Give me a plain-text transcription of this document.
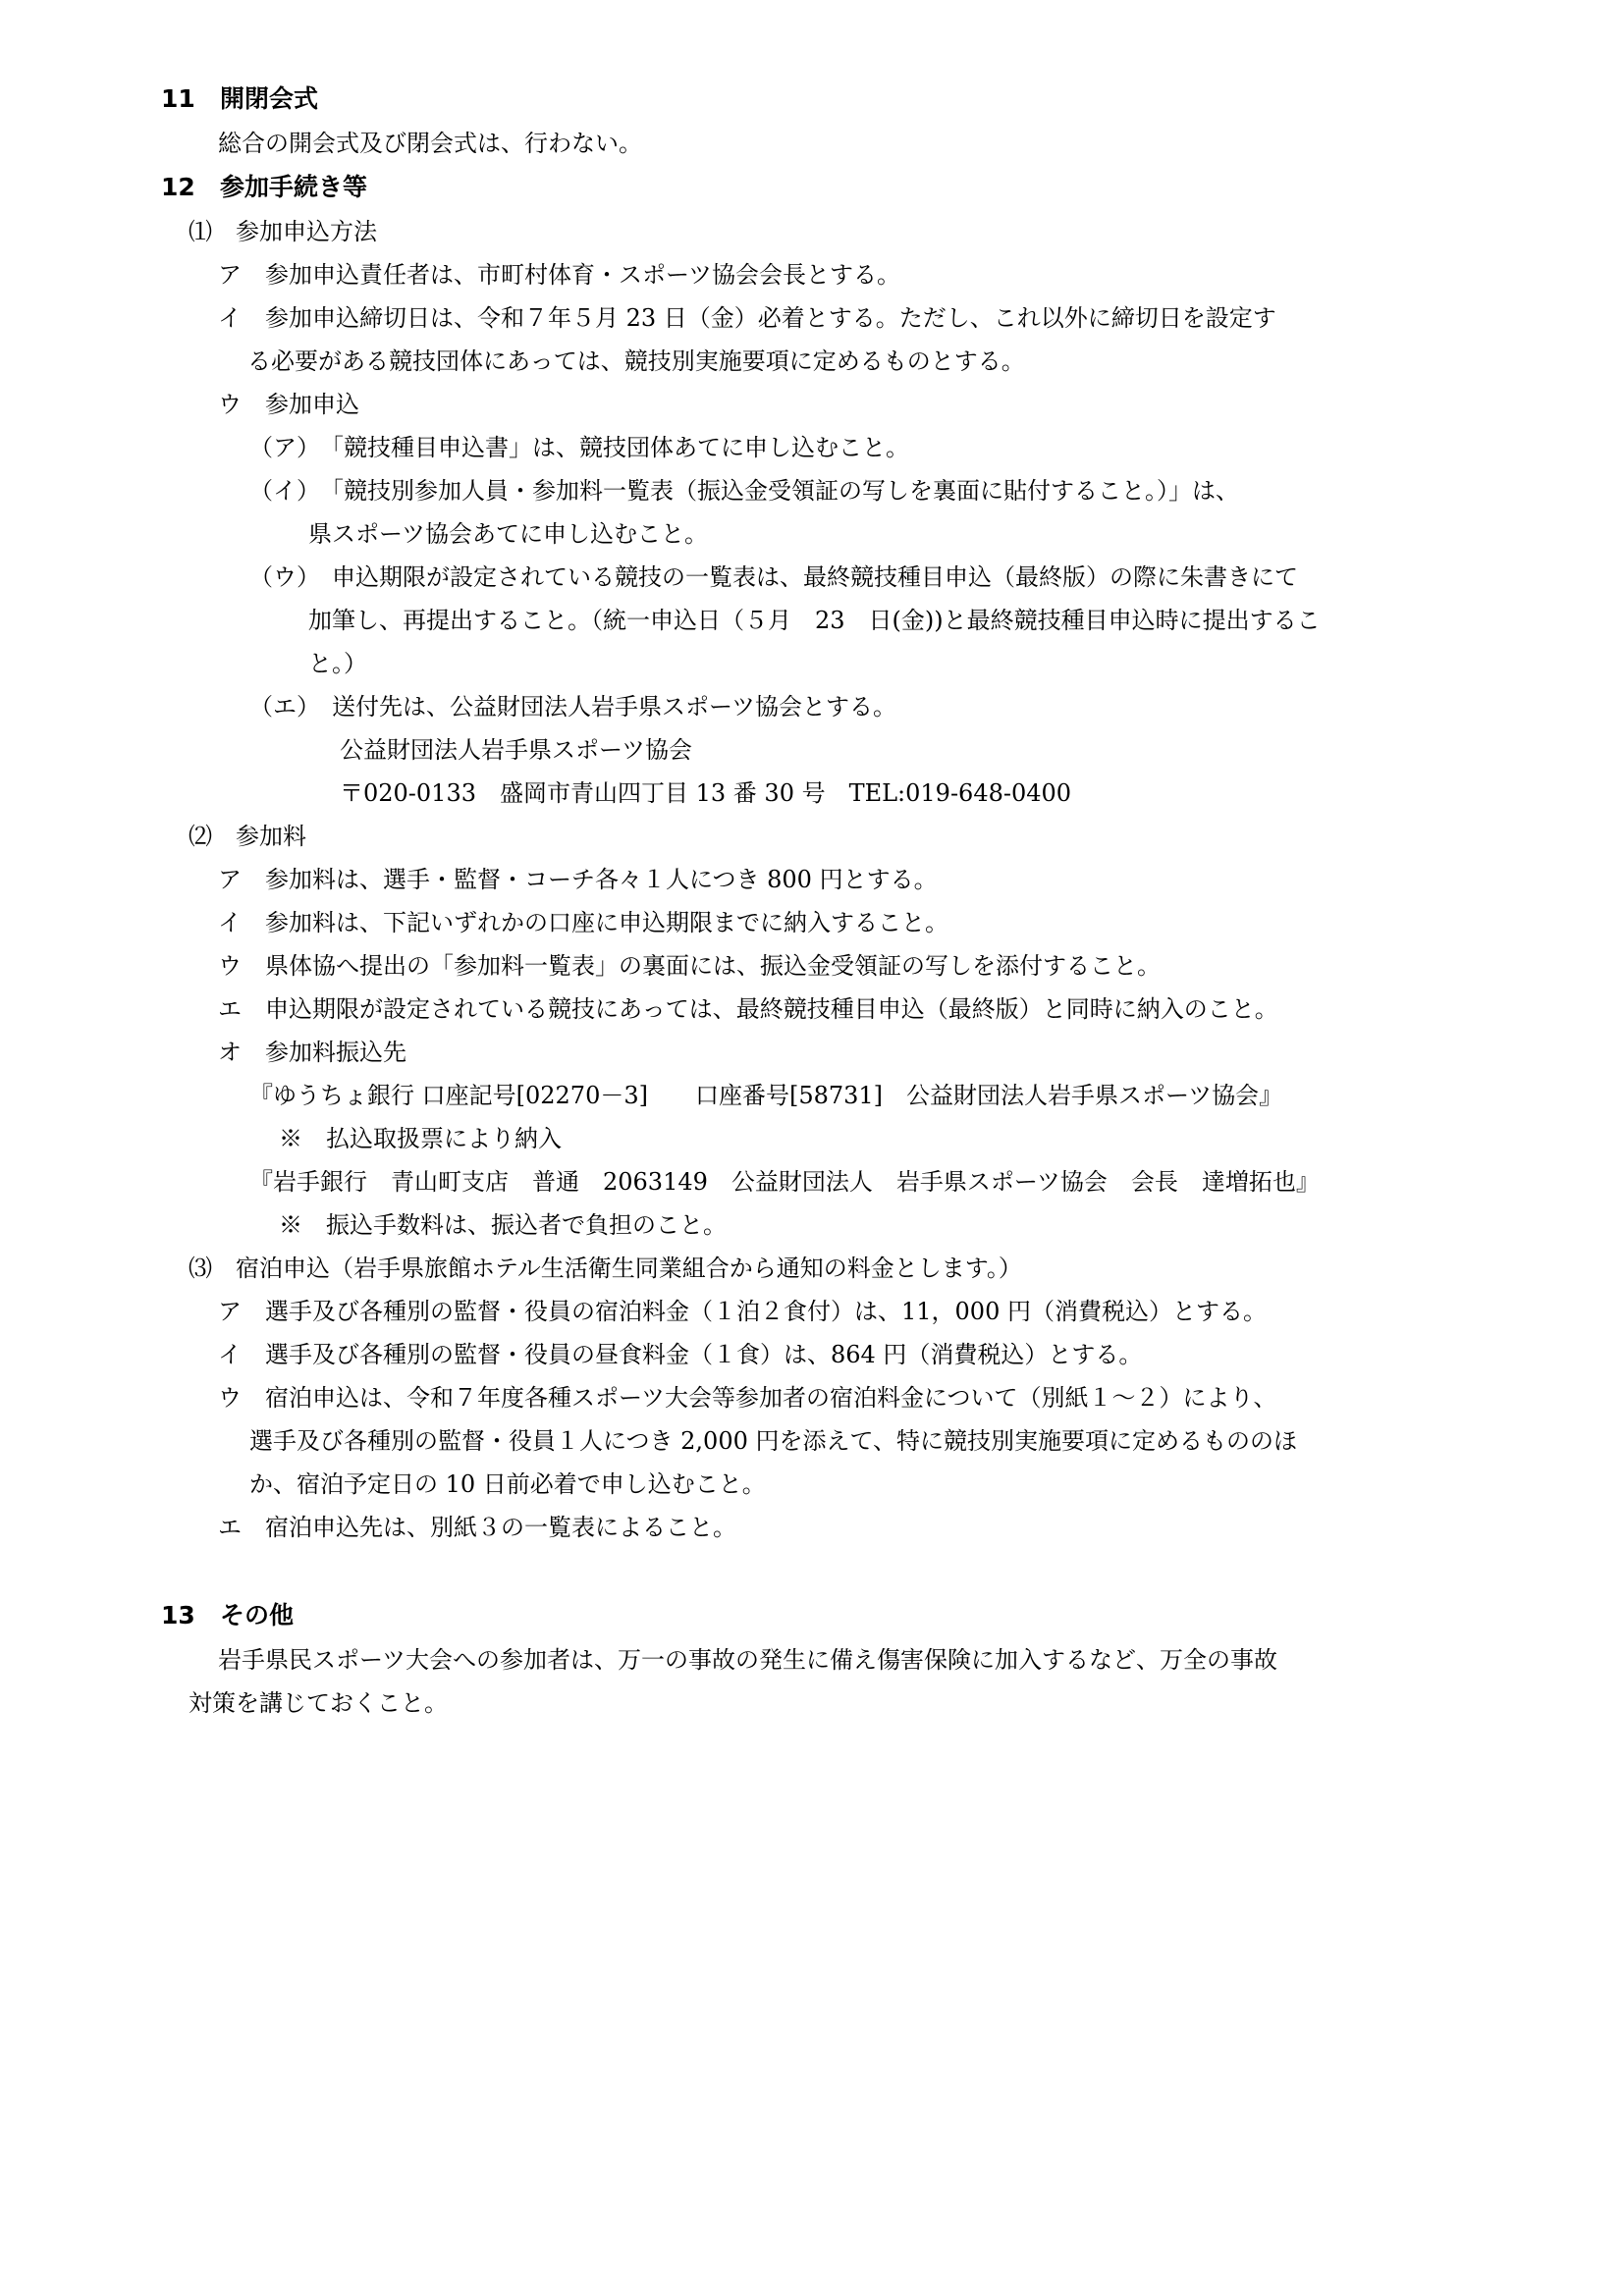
11 開閉会式
総合の開会式及び閉会式は、行わない。
12 参加手続き等
⑴　参加申込方法
ア　参加申込責任者は、市町村体育・スポーツ協会会長とする。
イ　参加申込締切日は、令和７年５月 23 日（金）必着とする。ただし、これ以外に締切日を設定す
る必要がある競技団体にあっては、競技別実施要項に定めるものとする。
ウ　参加申込
（ア）　「競技種目申込書」は、競技団体あてに申し込むこと。
（イ）　「競技別参加人員・参加料一覧表（振込金受領証の写しを裏面に貼付すること。）」は、
県スポーツ協会あてに申し込むこと。
（ウ）　申込期限が設定されている競技の一覧表は、最終競技種目申込（最終版）の際に朱書きにて
加筆し、再提出すること。（統一申込日（５月　23　日(金))と最終競技種目申込時に提出するこ
と。）
（エ）　送付先は、公益財団法人岩手県スポーツ協会とする。
公益財団法人岩手県スポーツ協会
〒020-0133　盛岡市青山四丁目 13 番 30 号　TEL:019-648-0400
⑵　参加料
ア　参加料は、選手・監督・コーチ各々１人につき 800 円とする。
イ　参加料は、下記いずれかの口座に申込期限までに納入すること。
ウ　県体協へ提出の「参加料一覧表」の裏面には、振込金受領証の写しを添付すること。
エ　申込期限が設定されている競技にあっては、最終競技種目申込（最終版）と同時に納入のこと。
オ　参加料振込先
『ゆうちょ銀行 口座記号[02270－3]　　口座番号[58731]　公益財団法人岩手県スポーツ協会』
※　払込取扱票により納入
『岩手銀行　青山町支店　普通　2063149　公益財団法人　岩手県スポーツ協会　会長　達増拓也』
※　振込手数料は、振込者で負担のこと。
⑶　宿泊申込（岩手県旅館ホテル生活衛生同業組合から通知の料金とします。）
ア　選手及び各種別の監督・役員の宿泊料金（１泊２食付）は、11，000 円（消費税込）とする。
イ　選手及び各種別の監督・役員の昼食料金（１食）は、864 円（消費税込）とする。
ウ　宿泊申込は、令和７年度各種スポーツ大会等参加者の宿泊料金について（別紙１～２）により、
選手及び各種別の監督・役員１人につき 2,000 円を添えて、特に競技別実施要項に定めるもののほ
か、宿泊予定日の 10 日前必着で申し込むこと。
エ　宿泊申込先は、別紙３の一覧表によること。
13 その他
岩手県民スポーツ大会への参加者は、万一の事故の発生に備え傷害保険に加入するなど、万全の事故
対策を講じておくこと。
